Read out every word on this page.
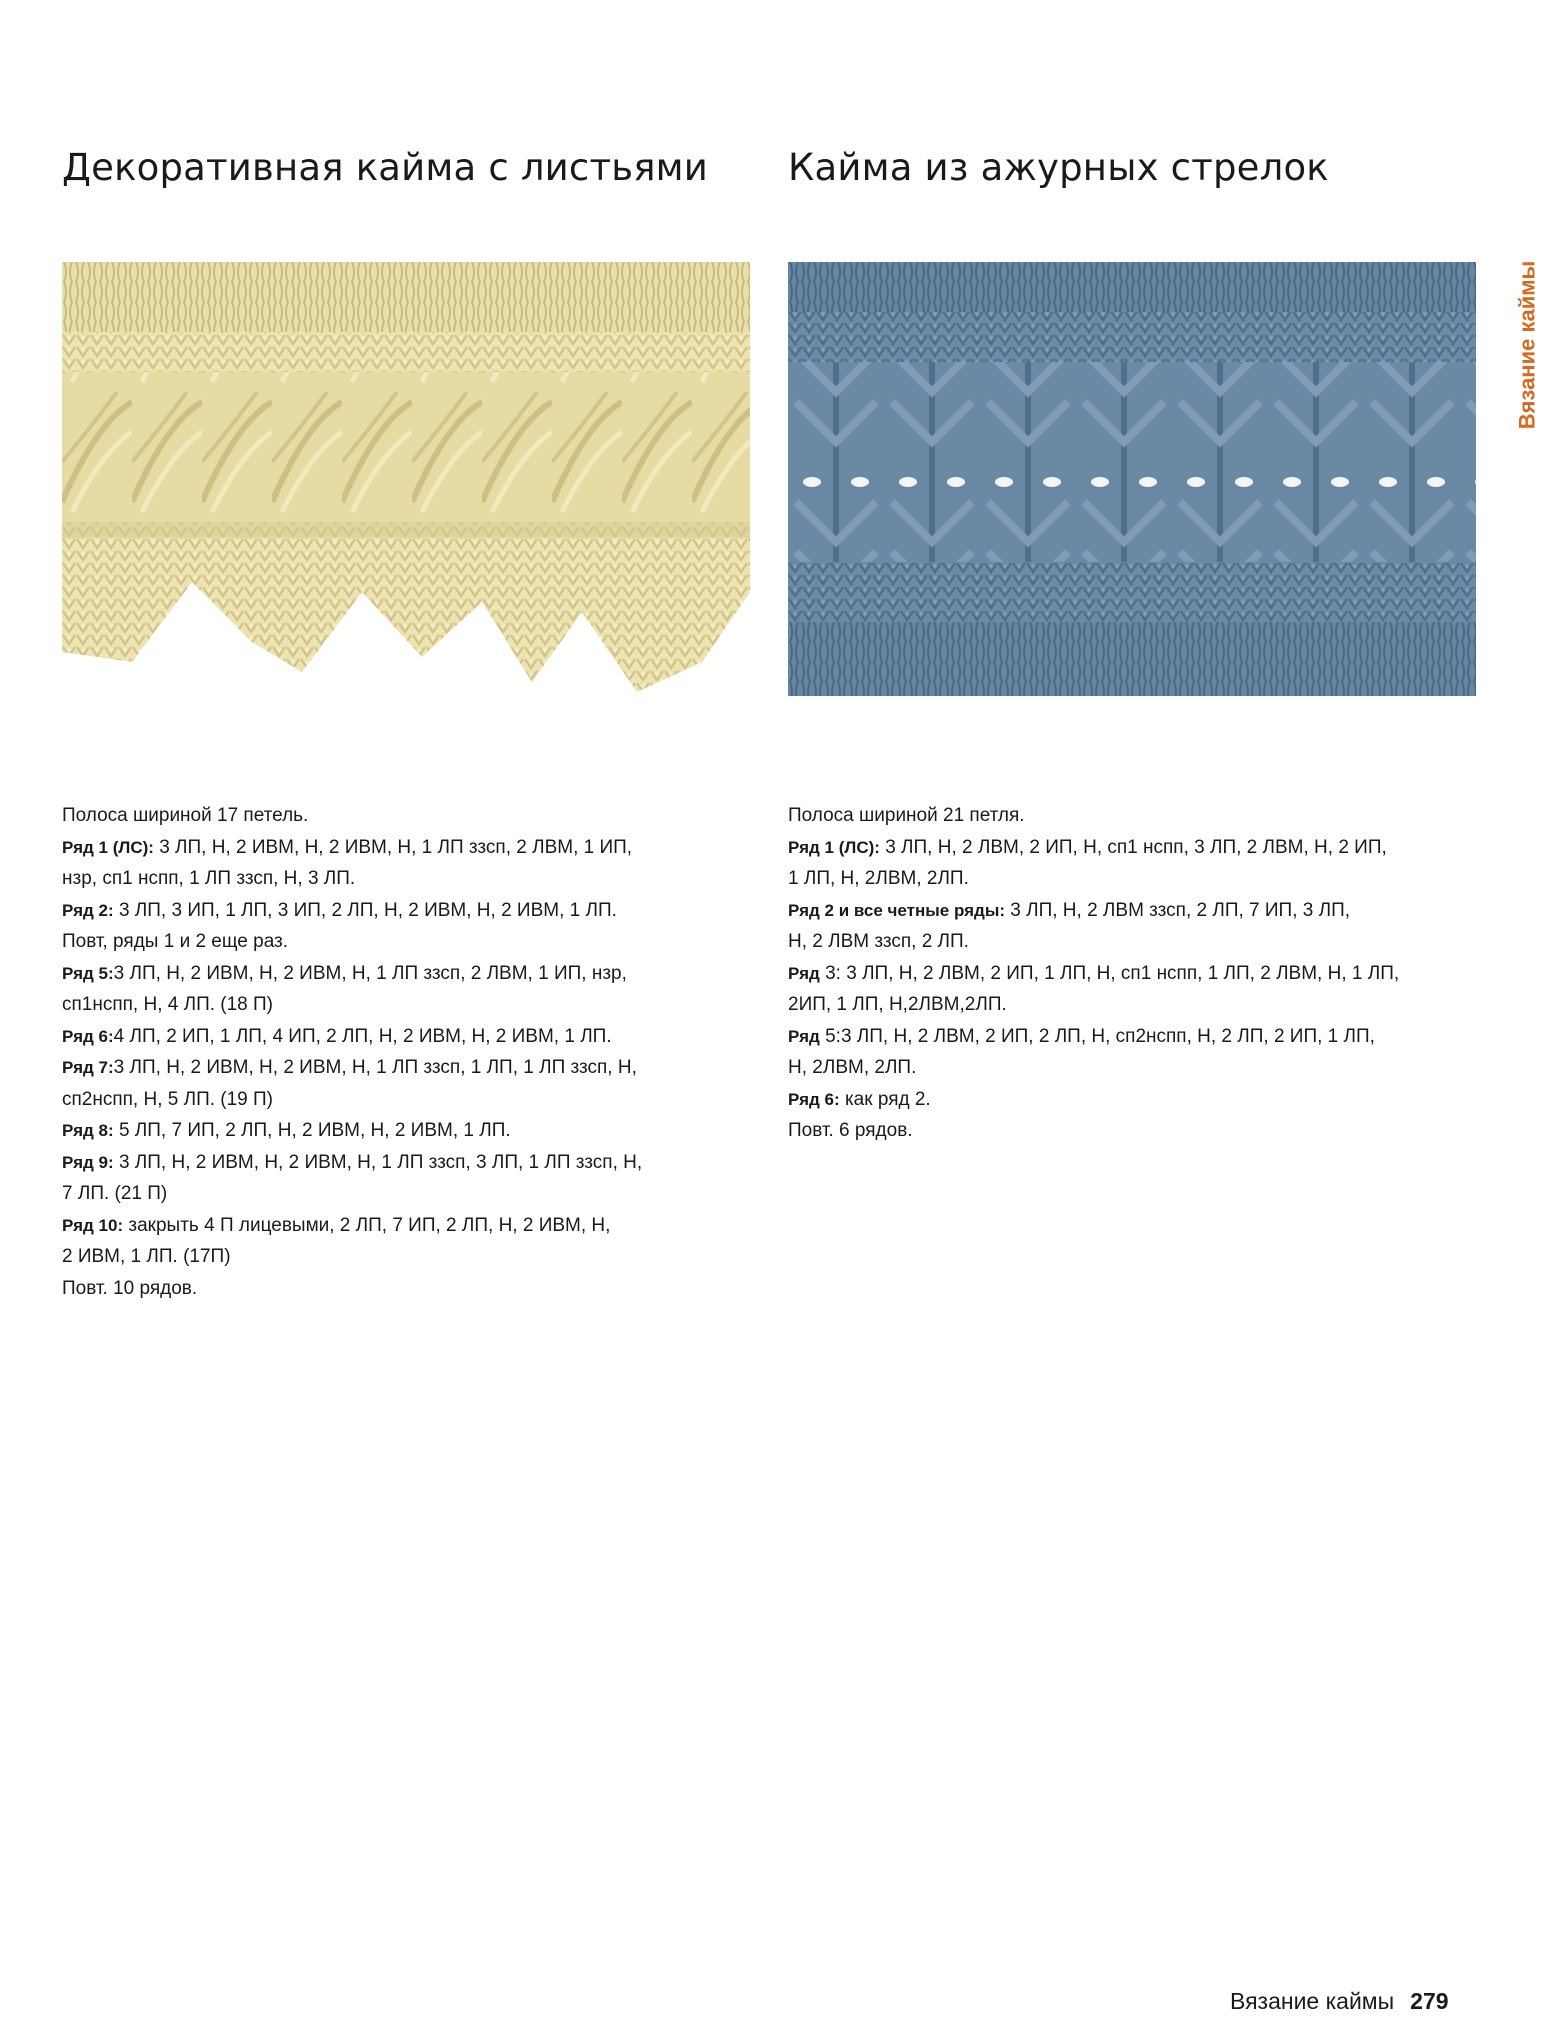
Декоративная кайма с листьями
Полоса шириной 17 петель.
Ряд 1 (ЛС): 3 ЛП, Н, 2 ИВМ, Н, 2 ИВМ, Н, 1 ЛП ззсп, 2 ЛВМ, 1 ИП,
нзр, сп1 нспп, 1 ЛП ззсп, Н, 3 ЛП.
Ряд 2: 3 ЛП, 3 ИП, 1 ЛП, 3 ИП, 2 ЛП, Н, 2 ИВМ, Н, 2 ИВМ, 1 ЛП.
Повт, ряды 1 и 2 еще раз.
Ряд 5:3 ЛП, Н, 2 ИВМ, Н, 2 ИВМ, Н, 1 ЛП ззсп, 2 ЛВМ, 1 ИП, нзр,
сп1нспп, Н, 4 ЛП. (18 П)
Ряд 6:4 ЛП, 2 ИП, 1 ЛП, 4 ИП, 2 ЛП, Н, 2 ИВМ, Н, 2 ИВМ, 1 ЛП.
Ряд 7:3 ЛП, Н, 2 ИВМ, Н, 2 ИВМ, Н, 1 ЛП ззсп, 1 ЛП, 1 ЛП ззсп, Н,
сп2нспп, Н, 5 ЛП. (19 П)
Ряд 8: 5 ЛП, 7 ИП, 2 ЛП, Н, 2 ИВМ, Н, 2 ИВМ, 1 ЛП.
Ряд 9: 3 ЛП, Н, 2 ИВМ, Н, 2 ИВМ, Н, 1 ЛП ззсп, 3 ЛП, 1 ЛП ззсп, Н,
7 ЛП. (21 П)
Ряд 10: закрыть 4 П лицевыми, 2 ЛП, 7 ИП, 2 ЛП, Н, 2 ИВМ, Н,
2 ИВМ, 1 ЛП. (17П)
Повт. 10 рядов.
Кайма из ажурных стрелок
Полоса шириной 21 петля.
Ряд 1 (ЛС): 3 ЛП, Н, 2 ЛВМ, 2 ИП, Н, сп1 нспп, 3 ЛП, 2 ЛВМ, Н, 2 ИП,
1 ЛП, Н, 2ЛВМ, 2ЛП.
Ряд 2 и все четные ряды: 3 ЛП, Н, 2 ЛВМ ззсп, 2 ЛП, 7 ИП, 3 ЛП,
Н, 2 ЛВМ ззсп, 2 ЛП.
Ряд 3: 3 ЛП, Н, 2 ЛВМ, 2 ИП, 1 ЛП, Н, сп1 нспп, 1 ЛП, 2 ЛВМ, Н, 1 ЛП,
2ИП, 1 ЛП, Н,2ЛВМ,2ЛП.
Ряд 5:3 ЛП, Н, 2 ЛВМ, 2 ИП, 2 ЛП, Н, сп2нспп, Н, 2 ЛП, 2 ИП, 1 ЛП,
Н, 2ЛВМ, 2ЛП.
Ряд 6: как ряд 2.
Повт. 6 рядов.
Вязание каймы
Вязание каймы 279
